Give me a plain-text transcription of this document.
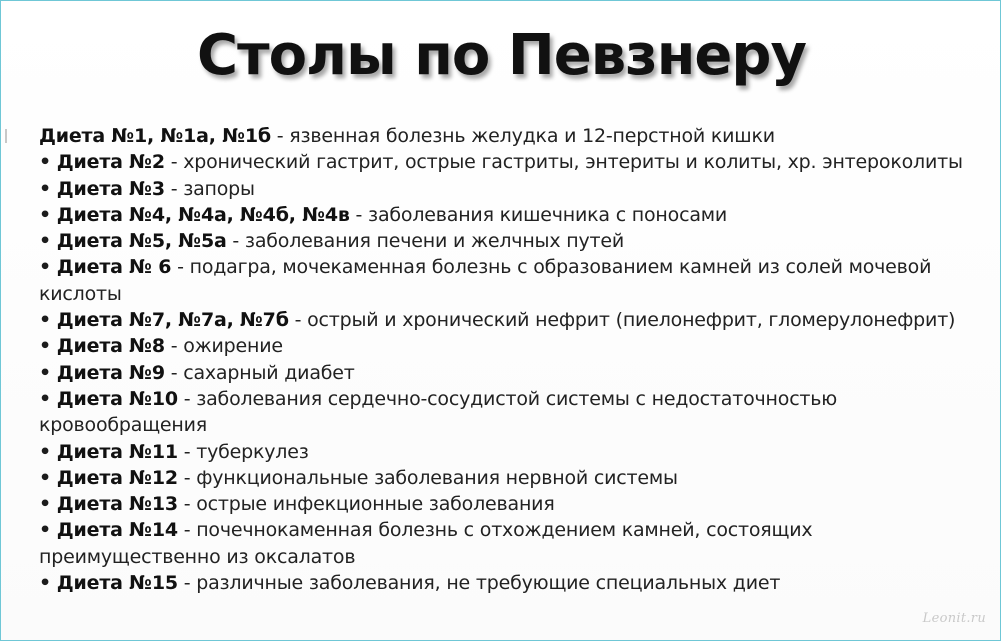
Столы по Певзнеру
Диета №1, №1а, №1б - язвенная болезнь желудка и 12-перстной кишки
• Диета №2 - хронический гастрит, острые гастриты, энтериты и колиты, хр. энтероколиты
• Диета №3 - запоры
• Диета №4, №4а, №4б, №4в - заболевания кишечника с поносами
• Диета №5, №5а - заболевания печени и желчных путей
• Диета № 6 - подагра, мочекаменная болезнь с образованием камней из солей мочевой кислоты
• Диета №7, №7а, №7б - острый и хронический нефрит (пиелонефрит, гломерулонефрит)
• Диета №8 - ожирение
• Диета №9 - сахарный диабет
• Диета №10 - заболевания сердечно-сосудистой системы с недостаточностью кровообращения
• Диета №11 - туберкулез
• Диета №12 - функциональные заболевания нервной системы
• Диета №13 - острые инфекционные заболевания
• Диета №14 - почечнокаменная болезнь с отхождением камней, состоящих преимущественно из оксалатов
• Диета №15 - различные заболевания, не требующие специальных диет
Leonit.ru
